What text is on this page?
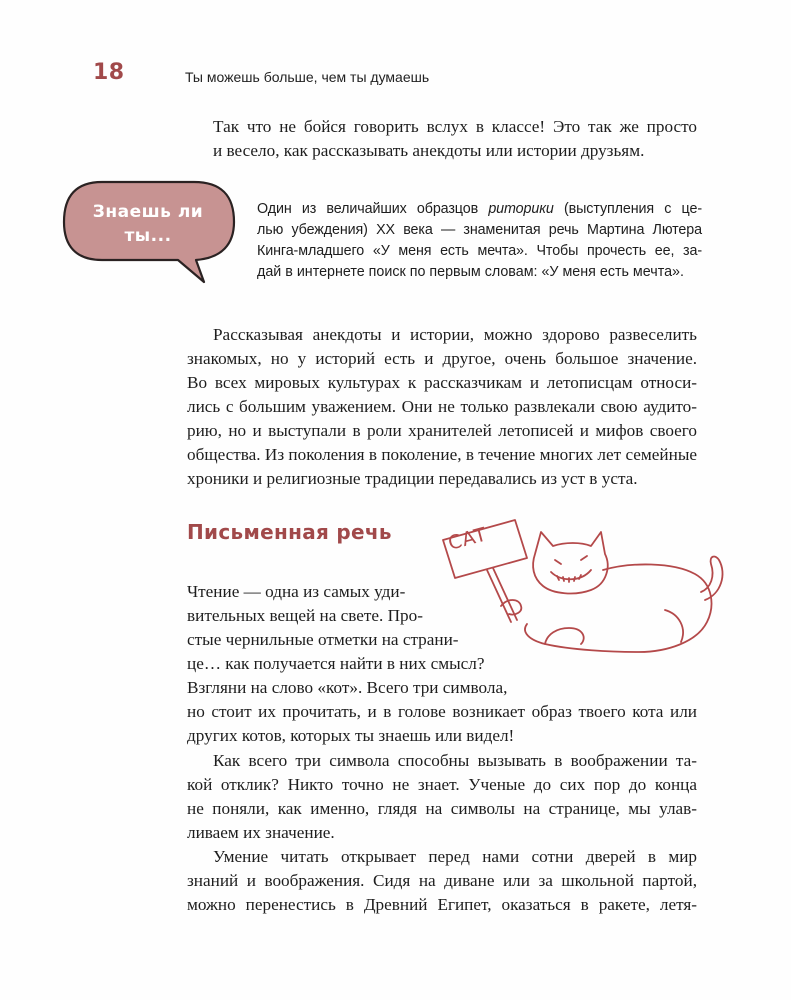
18	Ты можешь больше, чем ты думаешь
Так что не бойся говорить вслух в классе! Это так же просто
и весело, как рассказывать анекдоты или истории друзьям.
Знаешь ли
ты...
Один из величайших образцов риторики (выступления с це-
лью убеждения) XX века — знаменитая речь Мартина Лютера
Кинга-младшего «У меня есть мечта». Чтобы прочесть ее, за-
дай в интернете поиск по первым словам: «У меня есть мечта».
Рассказывая анекдоты и истории, можно здорово развеселить
знакомых, но у историй есть и другое, очень большое значение.
Во всех мировых культурах к рассказчикам и летописцам относи-
лись с большим уважением. Они не только развлекали свою аудито-
рию, но и выступали в роли хранителей летописей и мифов своего
общества. Из поколения в поколение, в течение многих лет семейные
хроники и религиозные традиции передавались из уст в уста.
Письменная речь	CAT
Чтение — одна из самых уди-
вительных вещей на свете. Про-
стые чернильные отметки на страни-
це… как получается найти в них смысл?
Взгляни на слово «кот». Всего три символа,
но стоит их прочитать, и в голове возникает образ твоего кота или
других котов, которых ты знаешь или видел!
Как всего три символа способны вызывать в воображении та-
кой отклик? Никто точно не знает. Ученые до сих пор до конца
не поняли, как именно, глядя на символы на странице, мы улав-
ливаем их значение.
Умение читать открывает перед нами сотни дверей в мир
знаний и воображения. Сидя на диване или за школьной партой,
можно перенестись в Древний Египет, оказаться в ракете, летя-
